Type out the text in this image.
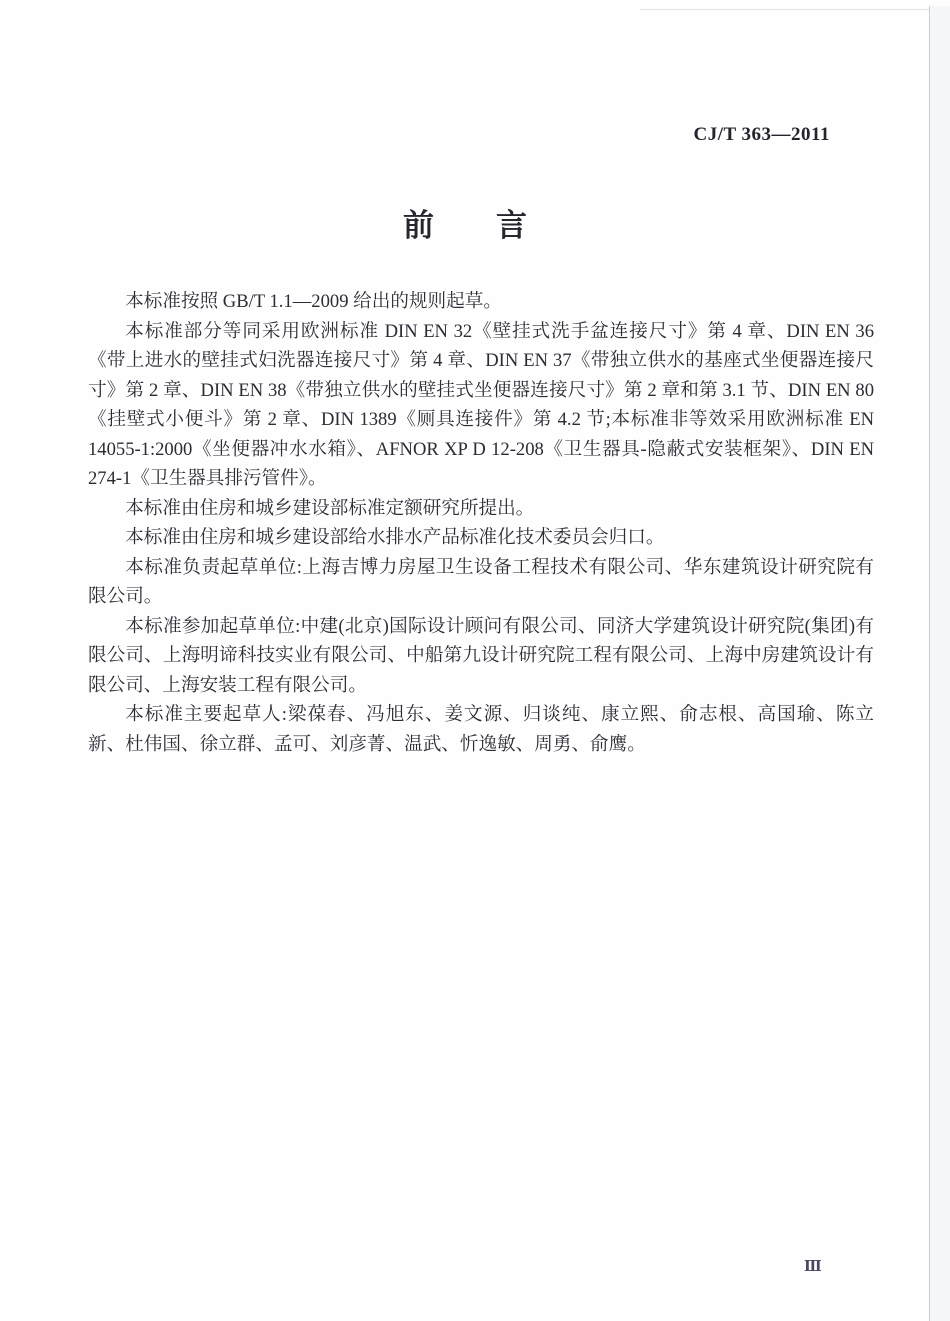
CJ/T 363—2011
前　　言

本标准按照 GB/T 1.1—2009 给出的规则起草。

本标准部分等同采用欧洲标准 DIN EN 32《壁挂式洗手盆连接尺寸》第 4 章、DIN EN 36《带上进水的壁挂式妇洗器连接尺寸》第 4 章、DIN EN 37《带独立供水的基座式坐便器连接尺寸》第 2 章、DIN EN 38《带独立供水的壁挂式坐便器连接尺寸》第 2 章和第 3.1 节、DIN EN 80《挂壁式小便斗》第 2 章、DIN 1389《厕具连接件》第 4.2 节;本标准非等效采用欧洲标准 EN 14055-1:2000《坐便器冲水水箱》、AFNOR XP D 12-208《卫生器具-隐蔽式安装框架》、DIN EN 274-1《卫生器具排污管件》。

本标准由住房和城乡建设部标准定额研究所提出。

本标准由住房和城乡建设部给水排水产品标准化技术委员会归口。

本标准负责起草单位:上海吉博力房屋卫生设备工程技术有限公司、华东建筑设计研究院有限公司。

本标准参加起草单位:中建(北京)国际设计顾问有限公司、同济大学建筑设计研究院(集团)有限公司、上海明谛科技实业有限公司、中船第九设计研究院工程有限公司、上海中房建筑设计有限公司、上海安装工程有限公司。

本标准主要起草人:梁葆春、冯旭东、姜文源、归谈纯、康立熙、俞志根、高国瑜、陈立新、杜伟国、徐立群、孟可、刘彦菁、温武、忻逸敏、周勇、俞鹰。

Ⅲ
